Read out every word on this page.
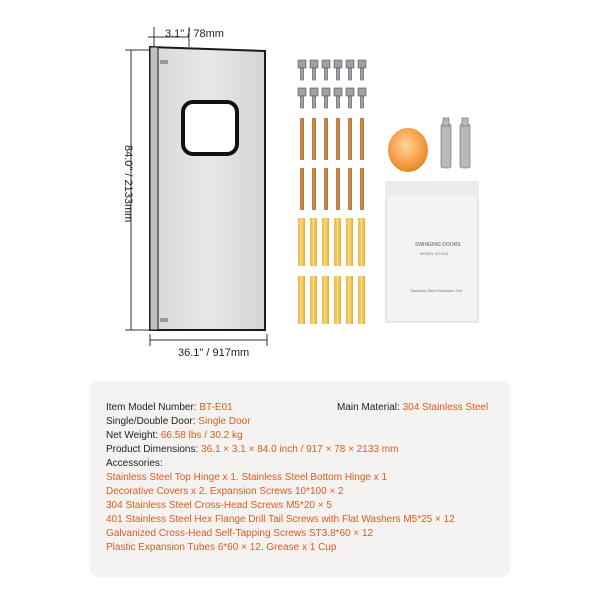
3.1" / 78mm
84.0" / 2133mm
36.1" / 917mm
SWINGING DOORS
MODEL BT-E01
Stainless Steel Hardware Set
Item Model Number: BT-E01	Main Material: 304 Stainless Steel
Single/Double Door: Single Door
Net Weight: 66.58 lbs / 30.2 kg
Product Dimensions: 36.1 × 3.1 × 84.0 inch / 917 × 78 × 2133 mm
Accessories:
Stainless Steel Top Hinge x 1. Stainless Steel Bottom Hinge x 1
Decorative Covers x 2. Expansion Screws 10*100 × 2
304 Stainless Steel Cross-Head Screws M5*20 × 5
401 Stainless Steel Hex Flange Drill Tail Screws with Flat Washers M5*25 × 12
Galvanized Cross-Head Self-Tapping Screws ST3.8*60 × 12
Plastic Expansion Tubes 6*60 × 12. Grease x 1 Cup
